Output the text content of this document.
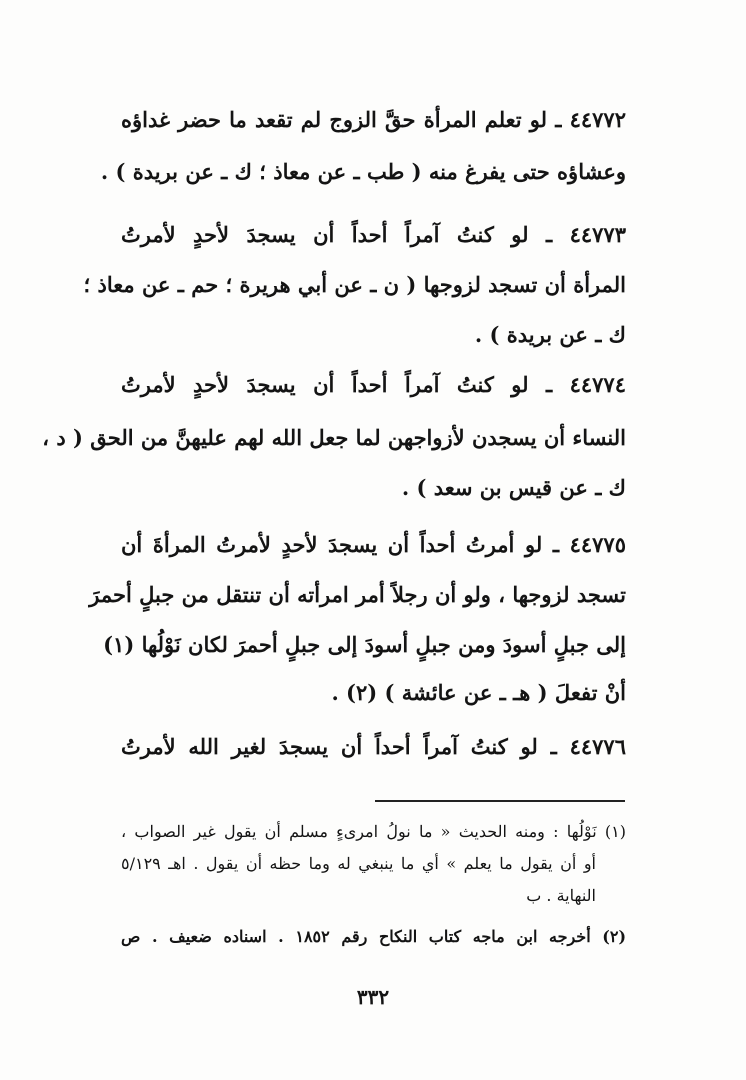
٤٤٧٧٢ ـ لو تعلم المرأة حقَّ الزوج لم تقعد ما حضر غداؤه
وعشاؤه حتى يفرغ منه ( طب ـ عن معاذ ؛ ك ـ عن بريدة ) .
٤٤٧٧٣ ـ لو كنتُ آمراً أحداً أن يسجدَ لأحدٍ لأمرتُ
المرأة أن تسجد لزوجها ( ن ـ عن أبي هريرة ؛ حم ـ عن معاذ ؛
ك ـ عن بريدة ) .
٤٤٧٧٤ ـ لو كنتُ آمراً أحداً أن يسجدَ لأحدٍ لأمرتُ
النساء أن يسجدن لأزواجهن لما جعل الله لهم عليهنَّ من الحق ( د ،
ك ـ عن قيس بن سعد ) .
٤٤٧٧٥ ـ لو أمرتُ أحداً أن يسجدَ لأحدٍ لأمرتُ المرأةَ أن
تسجد لزوجها ، ولو أن رجلاً أمر امرأته أن تنتقل من جبلٍ أحمرَ
إلى جبلٍ أسودَ ومن جبلٍ أسودَ إلى جبلٍ أحمرَ لكان نَوْلُها (١)
أنْ تفعلَ ( هـ ـ عن عائشة ) (٢) .
٤٤٧٧٦ ـ لو كنتُ آمراً أحداً أن يسجدَ لغير الله لأمرتُ
(١) نَوْلُها : ومنه الحديث « ما نولُ امرىءٍ مسلم أن يقول غير الصواب ،
أو أن يقول ما يعلم » أي ما ينبغي له وما حظه أن يقول . اهـ ٥/١٢٩
النهاية . ب
(٢) أخرجه ابن ماجه كتاب النكاح رقم ١٨٥٢ . اسناده ضعيف . ص
٣٣٢
